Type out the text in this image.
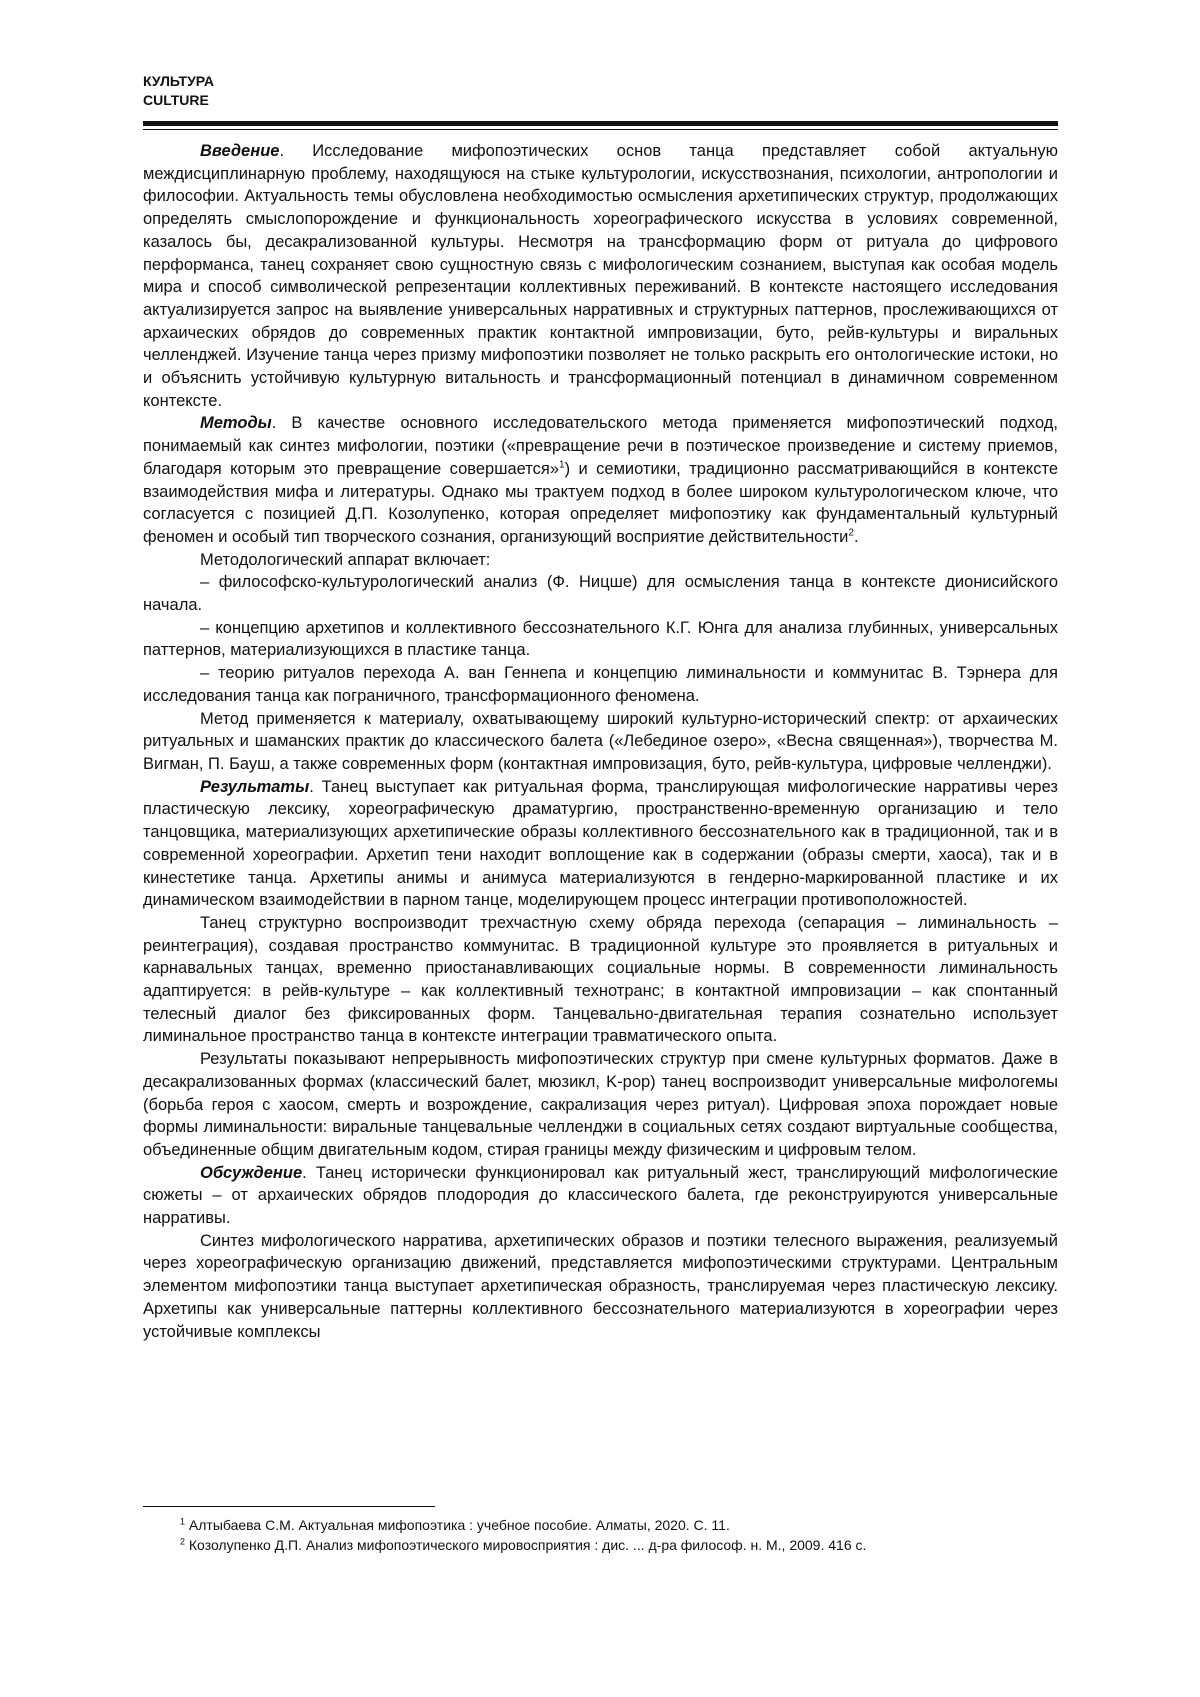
КУЛЬТУРА
CULTURE

Введение. Исследование мифопоэтических основ танца представляет собой актуальную междисциплинарную проблему, находящуюся на стыке культурологии, искусствознания, психологии, антропологии и философии. Актуальность темы обусловлена необходимостью осмысления архетипических структур, продолжающих определять смыслопорождение и функциональность хореографического искусства в условиях современной, казалось бы, десакрализованной культуры. Несмотря на трансформацию форм от ритуала до цифрового перформанса, танец сохраняет свою сущностную связь с мифологическим сознанием, выступая как особая модель мира и способ символической репрезентации коллективных переживаний. В контексте настоящего исследования актуализируется запрос на выявление универсальных нарративных и структурных паттернов, прослеживающихся от архаических обрядов до современных практик контактной импровизации, буто, рейв-культуры и виральных челленджей. Изучение танца через призму мифопоэтики позволяет не только раскрыть его онтологические истоки, но и объяснить устойчивую культурную витальность и трансформационный потенциал в динамичном современном контексте.

Методы. В качестве основного исследовательского метода применяется мифопоэтический подход, понимаемый как синтез мифологии, поэтики («превращение речи в поэтическое произведение и систему приемов, благодаря которым это превращение совершается»$^1$) и семиотики, традиционно рассматривающийся в контексте взаимодействия мифа и литературы. Однако мы трактуем подход в более широком культурологическом ключе, что согласуется с позицией Д.П. Козолупенко, которая определяет мифопоэтику как фундаментальный культурный феномен и особый тип творческого сознания, организующий восприятие действительности$^2$.

Методологический аппарат включает:

– философско-культурологический анализ (Ф. Ницше) для осмысления танца в контексте дионисийского начала.

– концепцию архетипов и коллективного бессознательного К.Г. Юнга для анализа глубинных, универсальных паттернов, материализующихся в пластике танца.

– теорию ритуалов перехода А. ван Геннепа и концепцию лиминальности и коммунитас В. Тэрнера для исследования танца как пограничного, трансформационного феномена.

Метод применяется к материалу, охватывающему широкий культурно-исторический спектр: от архаических ритуальных и шаманских практик до классического балета («Лебединое озеро», «Весна священная»), творчества М. Вигман, П. Бауш, а также современных форм (контактная импровизация, буто, рейв-культура, цифровые челленджи).

Результаты. Танец выступает как ритуальная форма, транслирующая мифологические нарративы через пластическую лексику, хореографическую драматургию, пространственно-временную организацию и тело танцовщика, материализующих архетипические образы коллективного бессознательного как в традиционной, так и в современной хореографии. Архетип тени находит воплощение как в содержании (образы смерти, хаоса), так и в кинестетике танца. Архетипы анимы и анимуса материализуются в гендерно-маркированной пластике и их динамическом взаимодействии в парном танце, моделирующем процесс интеграции противоположностей.

Танец структурно воспроизводит трехчастную схему обряда перехода (сепарация – лиминальность – реинтеграция), создавая пространство коммунитас. В традиционной культуре это проявляется в ритуальных и карнавальных танцах, временно приостанавливающих социальные нормы. В современности лиминальность адаптируется: в рейв-культуре – как коллективный технотранс; в контактной импровизации – как спонтанный телесный диалог без фиксированных форм. Танцевально-двигательная терапия сознательно использует лиминальное пространство танца в контексте интеграции травматического опыта.

Результаты показывают непрерывность мифопоэтических структур при смене культурных форматов. Даже в десакрализованных формах (классический балет, мюзикл, K-pop) танец воспроизводит универсальные мифологемы (борьба героя с хаосом, смерть и возрождение, сакрализация через ритуал). Цифровая эпоха порождает новые формы лиминальности: виральные танцевальные челленджи в социальных сетях создают виртуальные сообщества, объединенные общим двигательным кодом, стирая границы между физическим и цифровым телом.

Обсуждение. Танец исторически функционировал как ритуальный жест, транслирующий мифологические сюжеты – от архаических обрядов плодородия до классического балета, где реконструируются универсальные нарративы.

Синтез мифологического нарратива, архетипических образов и поэтики телесного выражения, реализуемый через хореографическую организацию движений, представляется мифопоэтическими структурами. Центральным элементом мифопоэтики танца выступает архетипическая образность, транслируемая через пластическую лексику. Архетипы как универсальные паттерны коллективного бессознательного материализуются в хореографии через устойчивые комплексы

$^1$ Алтыбаева С.М. Актуальная мифопоэтика : учебное пособие. Алматы, 2020. С. 11.

$^2$ Козолупенко Д.П. Анализ мифопоэтического мировосприятия : дис. ... д-ра философ. н. М., 2009. 416 с.
